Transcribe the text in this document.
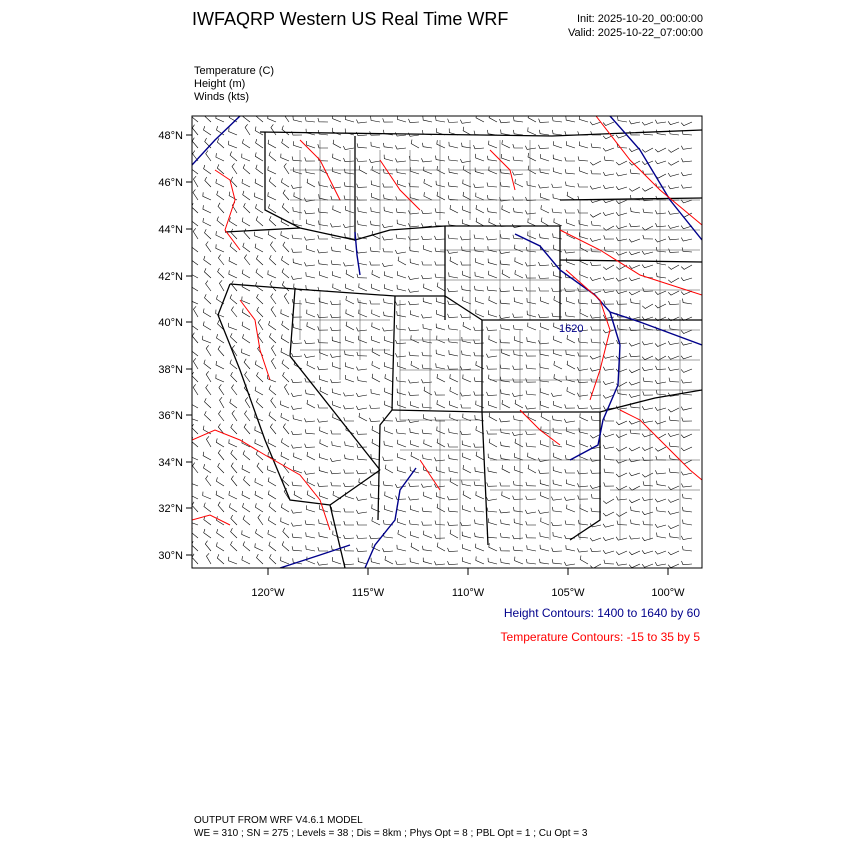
IWFAQRP Western US Real Time WRF	Init: 2025-10-20_00:00:00
Valid: 2025-10-22_07:00:00
Temperature (C)
Height (m)
Winds (kts)
1620
48°N
46°N
44°N
42°N
40°N
38°N
36°N
34°N
32°N
30°N
120°W	115°W	110°W	105°W	100°W
Height Contours: 1400 to 1640 by 60
Temperature Contours: -15 to 35 by 5
OUTPUT FROM WRF V4.6.1 MODEL
WE = 310 ; SN = 275 ; Levels = 38 ; Dis = 8km ; Phys Opt = 8 ; PBL Opt = 1 ; Cu Opt = 3
